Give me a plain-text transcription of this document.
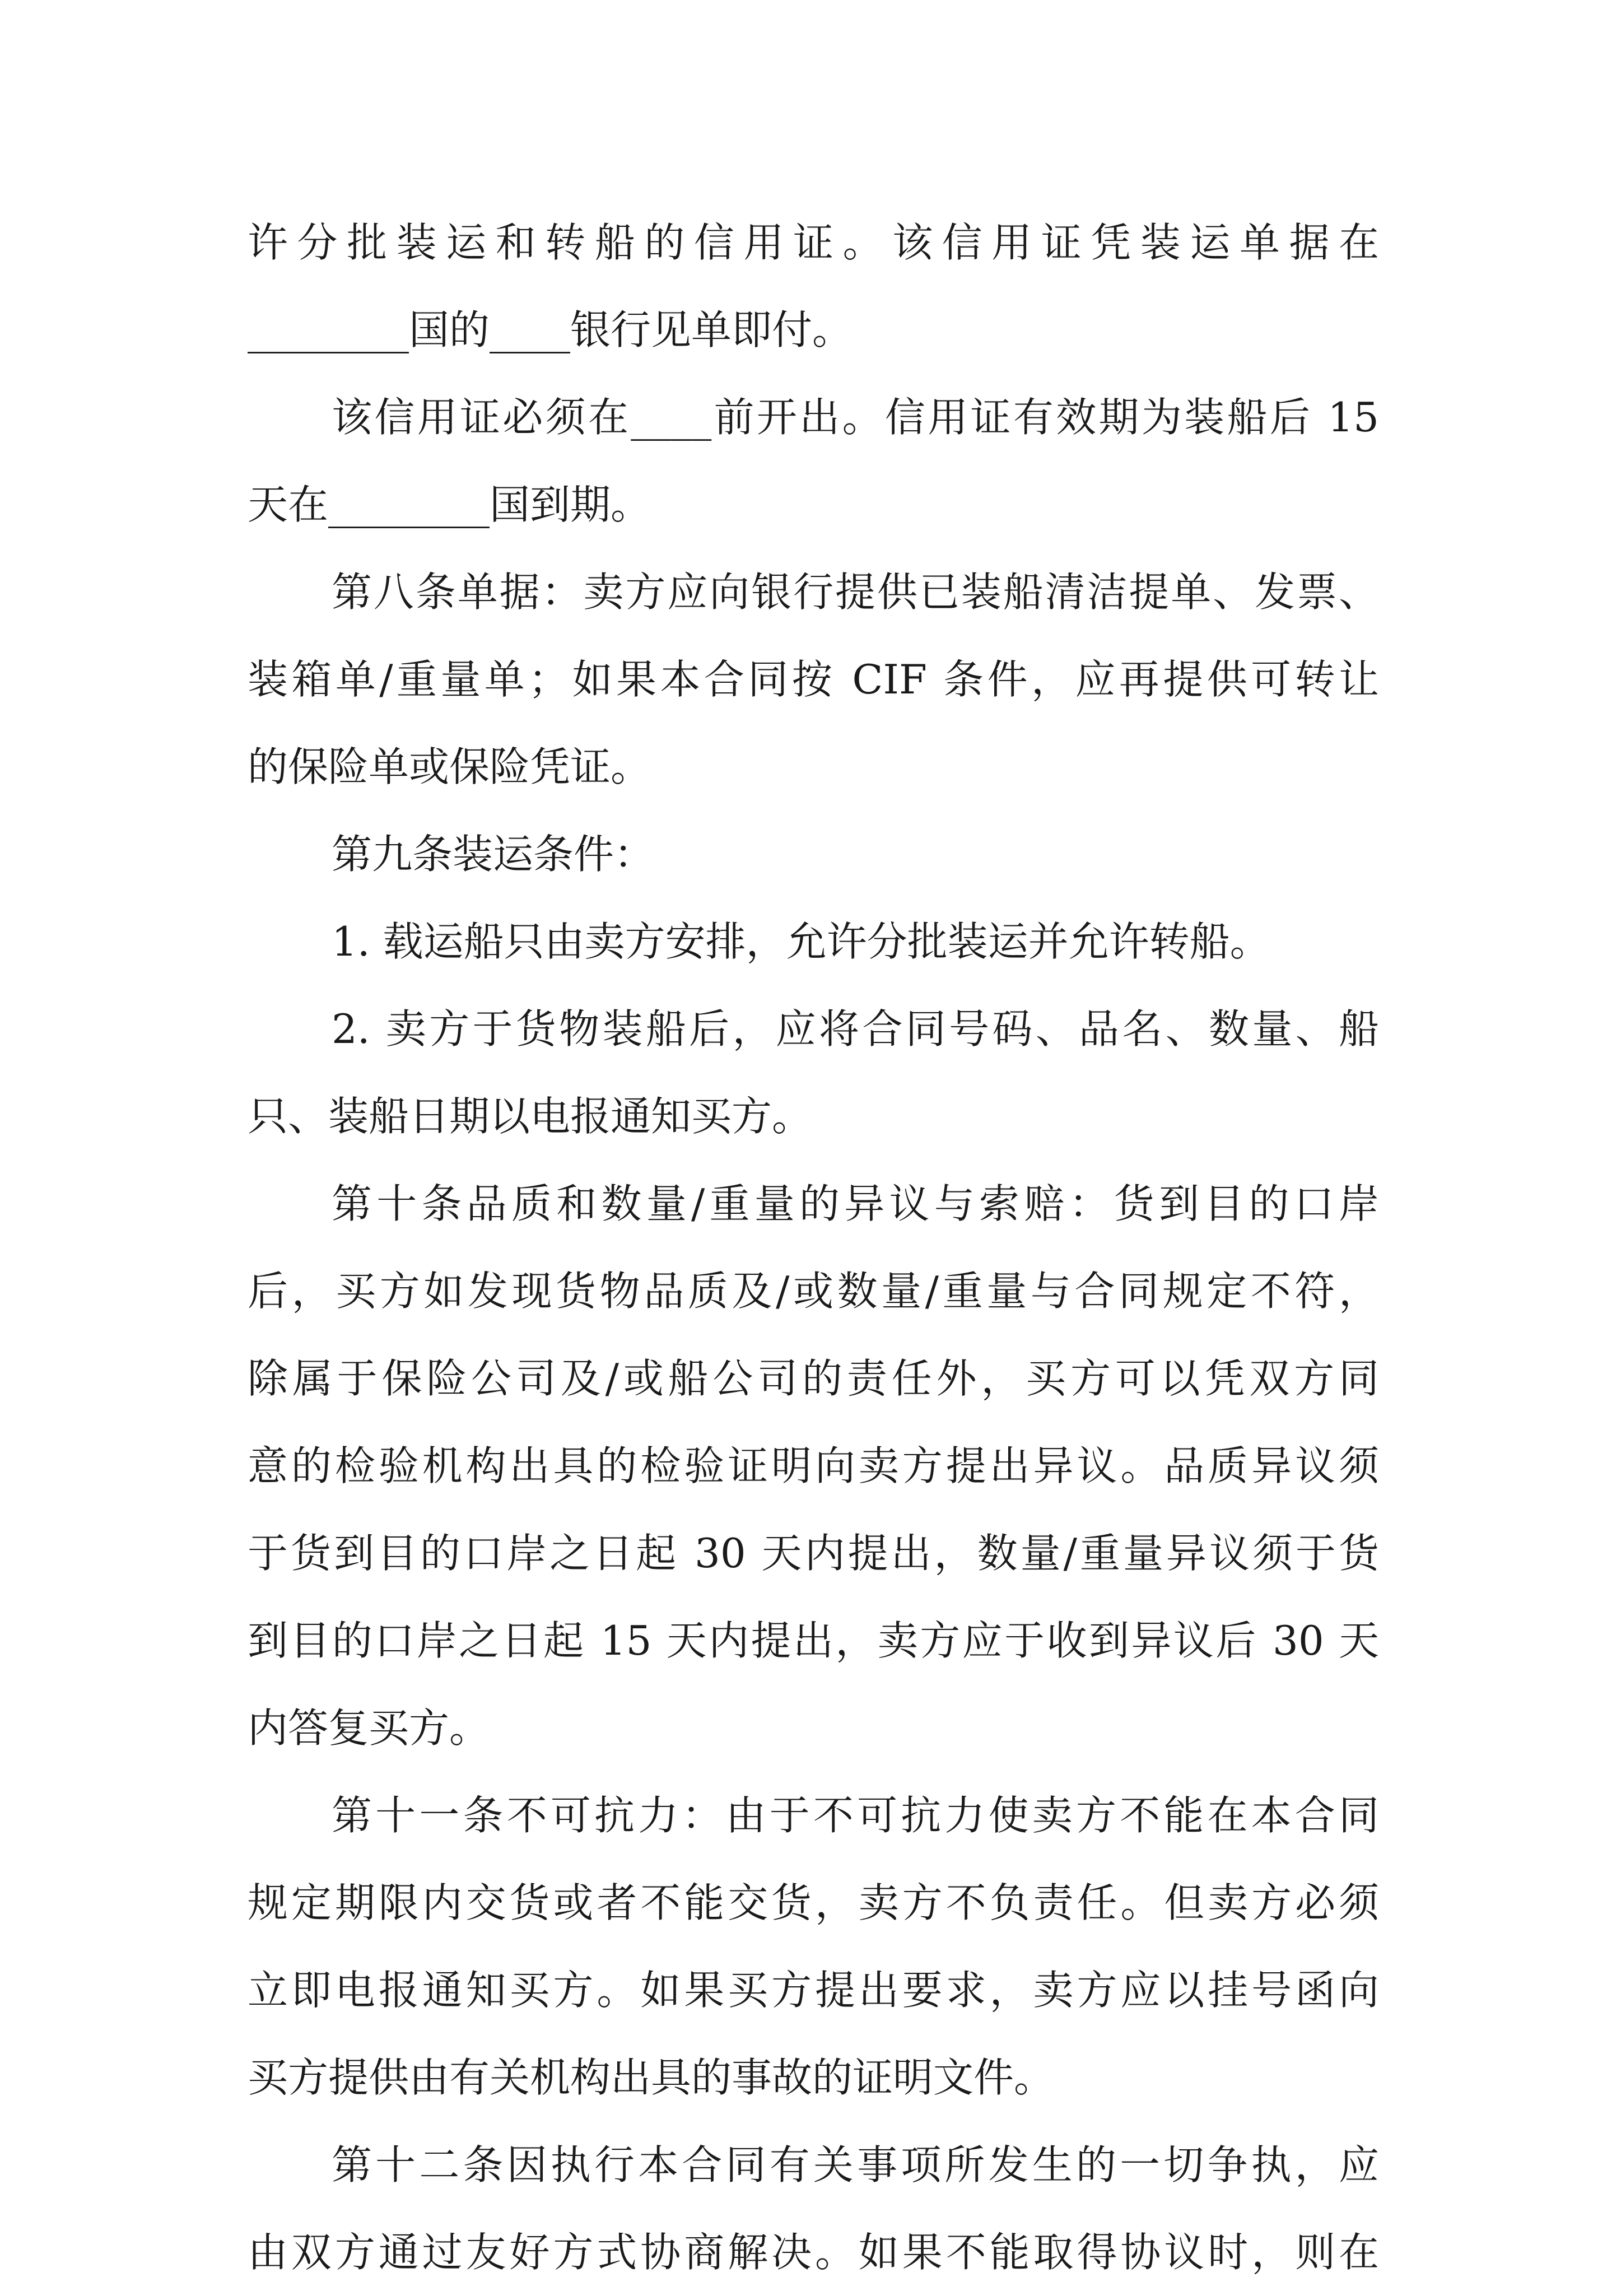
许分批装运和转船的信用证。该信用证凭装运单据在
________国的____银行见单即付。
该信用证必须在____前开出。信用证有效期为装船后 15
天在________国到期。
第八条单据：卖方应向银行提供已装船清洁提单、发票、
装箱单/重量单；如果本合同按 CIF 条件，应再提供可转让
的保险单或保险凭证。
第九条装运条件：
1. 载运船只由卖方安排，允许分批装运并允许转船。
2. 卖方于货物装船后，应将合同号码、品名、数量、船
只、装船日期以电报通知买方。
第十条品质和数量/重量的异议与索赔：货到目的口岸
后，买方如发现货物品质及/或数量/重量与合同规定不符，
除属于保险公司及/或船公司的责任外，买方可以凭双方同
意的检验机构出具的检验证明向卖方提出异议。品质异议须
于货到目的口岸之日起 30 天内提出，数量/重量异议须于货
到目的口岸之日起 15 天内提出，卖方应于收到异议后 30 天
内答复买方。
第十一条不可抗力：由于不可抗力使卖方不能在本合同
规定期限内交货或者不能交货，卖方不负责任。但卖方必须
立即电报通知买方。如果买方提出要求，卖方应以挂号函向
买方提供由有关机构出具的事故的证明文件。
第十二条因执行本合同有关事项所发生的一切争执，应
由双方通过友好方式协商解决。如果不能取得协议时，则在
